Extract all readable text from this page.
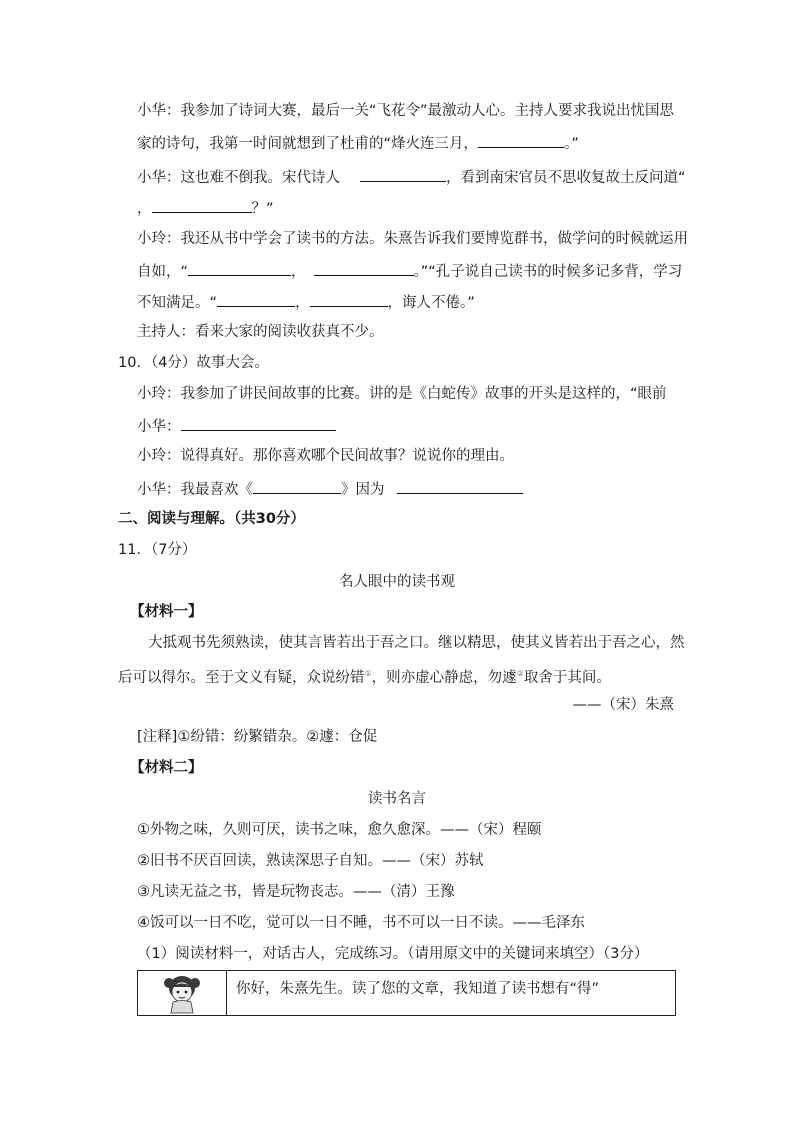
小华：我参加了诗词大赛，最后一关“飞花令”最激动人心。主持人要求我说出忧国思
家的诗句，我第一时间就想到了杜甫的“烽火连三月，	。”
小华：这也难不倒我。宋代诗人	，看到南宋官员不思收复故土反问道“
，	？”
小玲：我还从书中学会了读书的方法。朱熹告诉我们要博览群书，做学问的时候就运用
自如，“	，	。”“孔子说自己读书的时候多记多背，学习
不知满足。“	，	，诲人不倦。”
主持人：看来大家的阅读收获真不少。
10．（4分）故事大会。
小玲：我参加了讲民间故事的比赛。讲的是《白蛇传》故事的开头是这样的，“眼前
小华：
小玲：说得真好。那你喜欢哪个民间故事？说说你的理由。
小华：我最喜欢《	》因为
二、阅读与理解。（共30分）
11．（7分）
名人眼中的读书观
【材料一】
大抵观书先须熟读，使其言皆若出于吾之口。继以精思，使其义皆若出于吾之心，然
后可以得尔。至于文义有疑，众说纷错①，则亦虚心静虑，勿遽②取舍于其间。
——（宋）朱熹
[注释]①纷错：纷繁错杂。②遽：仓促
【材料二】
读书名言
①外物之味，久则可厌，读书之味，愈久愈深。——（宋）程颐
②旧书不厌百回读，熟读深思子自知。——（宋）苏轼
③凡读无益之书，皆是玩物丧志。——（清）王豫
④饭可以一日不吃，觉可以一日不睡，书不可以一日不读。——毛泽东
（1）阅读材料一，对话古人，完成练习。（请用原文中的关键词来填空）（3分）
你好，朱熹先生。读了您的文章，我知道了读书想有“得”
